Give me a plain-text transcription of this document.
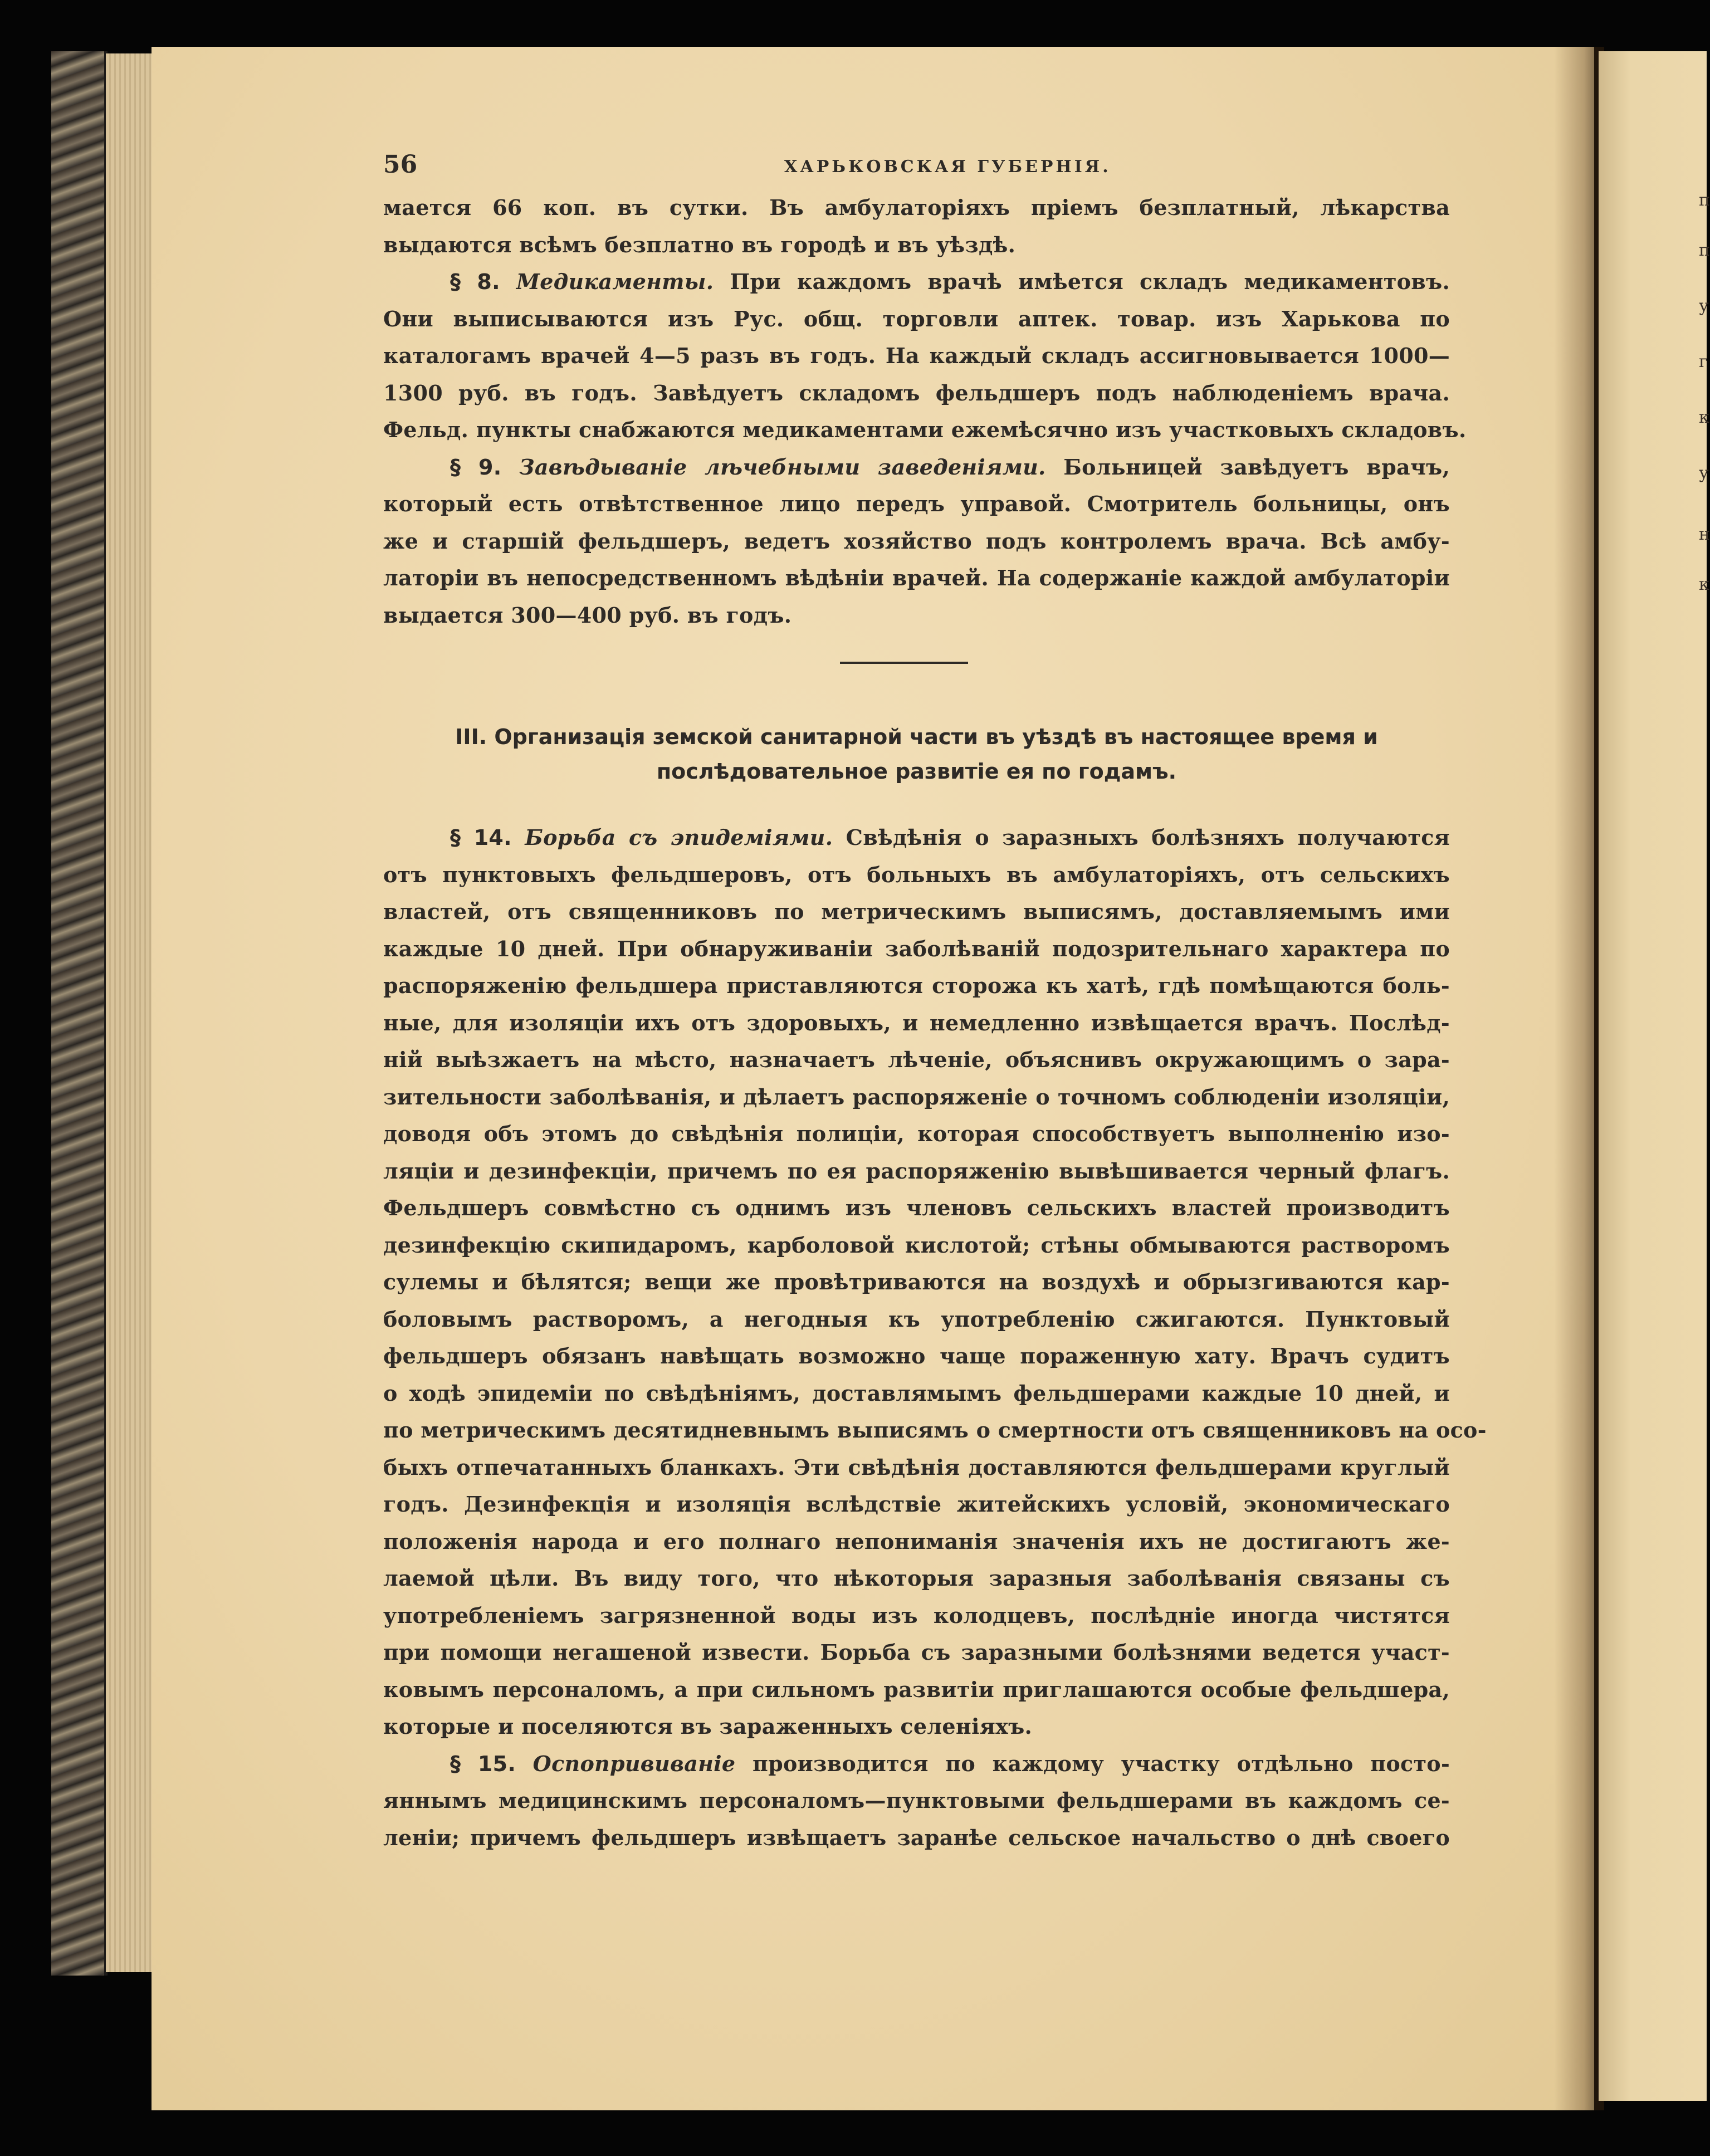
п
п
у
г
к
у
н
к
56	ХАРЬКОВСКАЯ ГУБЕРНІЯ.
мается 66 коп. въ сутки. Въ амбулаторіяхъ пріемъ безплатный, лѣкарства
выдаются всѣмъ безплатно въ городѣ и въ уѣздѣ.
§ 8. Медикаменты. При каждомъ врачѣ имѣется складъ медикаментовъ.
Они выписываются изъ Рус. общ. торговли аптек. товар. изъ Харькова по
каталогамъ врачей 4—5 разъ въ годъ. На каждый складъ ассигновывается 1000—
1300 руб. въ годъ. Завѣдуетъ складомъ фельдшеръ подъ наблюденіемъ врача.
Фельд. пункты снабжаются медикаментами ежемѣсячно изъ участковыхъ складовъ.
§ 9. Завѣдываніе лѣчебными заведеніями. Больницей завѣдуетъ врачъ,
который есть отвѣтственное лицо передъ управой. Смотритель больницы, онъ
же и старшій фельдшеръ, ведетъ хозяйство подъ контролемъ врача. Всѣ амбу-
латоріи въ непосредственномъ вѣдѣніи врачей. На содержаніе каждой амбулаторіи
выдается 300—400 руб. въ годъ.
III. Организація земской санитарной части въ уѣздѣ въ настоящее время и
послѣдовательное развитіе ея по годамъ.
§ 14. Борьба съ эпидеміями. Свѣдѣнія о заразныхъ болѣзняхъ получаются
отъ пунктовыхъ фельдшеровъ, отъ больныхъ въ амбулаторіяхъ, отъ сельскихъ
властей, отъ священниковъ по метрическимъ выписямъ, доставляемымъ ими
каждые 10 дней. При обнаруживаніи заболѣваній подозрительнаго характера по
распоряженію фельдшера приставляются сторожа къ хатѣ, гдѣ помѣщаются боль-
ные, для изоляціи ихъ отъ здоровыхъ, и немедленно извѣщается врачъ. Послѣд-
ній выѣзжаетъ на мѣсто, назначаетъ лѣченіе, объяснивъ окружающимъ о зара-
зительности заболѣванія, и дѣлаетъ распоряженіе о точномъ соблюденіи изоляціи,
доводя объ этомъ до свѣдѣнія полиціи, которая способствуетъ выполненію изо-
ляціи и дезинфекціи, причемъ по ея распоряженію вывѣшивается черный флагъ.
Фельдшеръ совмѣстно съ однимъ изъ членовъ сельскихъ властей производитъ
дезинфекцію скипидаромъ, карболовой кислотой; стѣны обмываются растворомъ
сулемы и бѣлятся; вещи же провѣтриваются на воздухѣ и обрызгиваются кар-
боловымъ растворомъ, а негодныя къ употребленію сжигаются. Пунктовый
фельдшеръ обязанъ навѣщать возможно чаще пораженную хату. Врачъ судитъ
о ходѣ эпидеміи по свѣдѣніямъ, доставлямымъ фельдшерами каждые 10 дней, и
по метрическимъ десятидневнымъ выписямъ о смертности отъ священниковъ на осо-
быхъ отпечатанныхъ бланкахъ. Эти свѣдѣнія доставляются фельдшерами круглый
годъ. Дезинфекція и изоляція вслѣдствіе житейскихъ условій, экономическаго
положенія народа и его полнаго непониманія значенія ихъ не достигаютъ же-
лаемой цѣли. Въ виду того, что нѣкоторыя заразныя заболѣванія связаны съ
употребленіемъ загрязненной воды изъ колодцевъ, послѣдніе иногда чистятся
при помощи негашеной извести. Борьба съ заразными болѣзнями ведется участ-
ковымъ персоналомъ, а при сильномъ развитіи приглашаются особые фельдшера,
которые и поселяются въ зараженныхъ селеніяхъ.
§ 15. Оспопрививаніе производится по каждому участку отдѣльно посто-
яннымъ медицинскимъ персоналомъ—пунктовыми фельдшерами въ каждомъ се-
леніи; причемъ фельдшеръ извѣщаетъ заранѣе сельское начальство о днѣ своего
